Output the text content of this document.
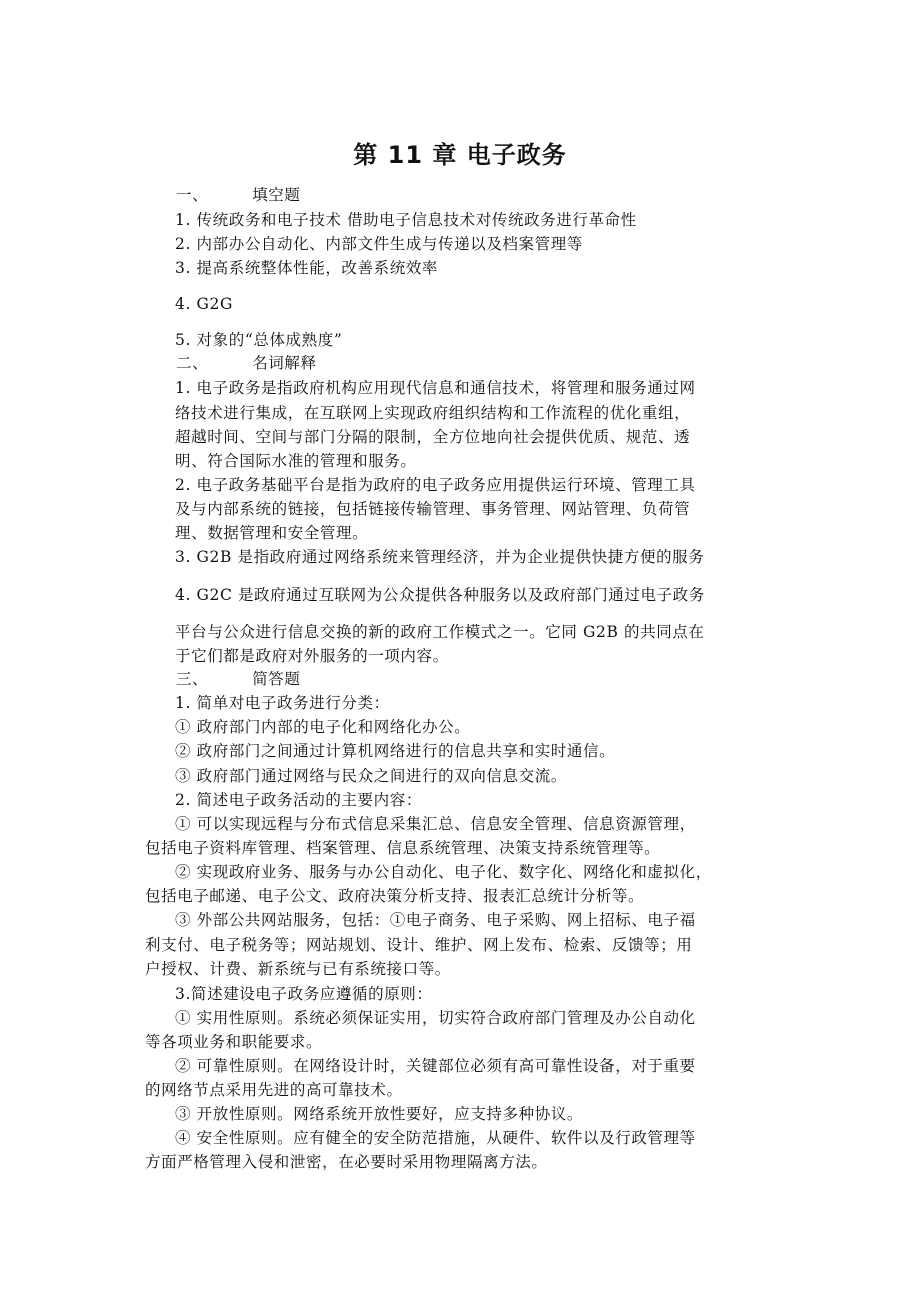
第 11 章 电子政务
一、	填空题
1. 传统政务和电子技术 借助电子信息技术对传统政务进行革命性
2. 内部办公自动化、内部文件生成与传递以及档案管理等
3. 提高系统整体性能，改善系统效率
4. G2G
5. 对象的“总体成熟度”
二、	名词解释
1. 电子政务是指政府机构应用现代信息和通信技术，将管理和服务通过网
络技术进行集成，在互联网上实现政府组织结构和工作流程的优化重组，
超越时间、空间与部门分隔的限制，全方位地向社会提供优质、规范、透
明、符合国际水准的管理和服务。
2. 电子政务基础平台是指为政府的电子政务应用提供运行环境、管理工具
及与内部系统的链接，包括链接传输管理、事务管理、网站管理、负荷管
理、数据管理和安全管理。
3. G2B 是指政府通过网络系统来管理经济，并为企业提供快捷方便的服务
4. G2C 是政府通过互联网为公众提供各种服务以及政府部门通过电子政务
平台与公众进行信息交换的新的政府工作模式之一。它同 G2B 的共同点在
于它们都是政府对外服务的一项内容。
三、	简答题
1. 简单对电子政务进行分类：
① 政府部门内部的电子化和网络化办公。
② 政府部门之间通过计算机网络进行的信息共享和实时通信。
③ 政府部门通过网络与民众之间进行的双向信息交流。
2. 简述电子政务活动的主要内容：
① 可以实现远程与分布式信息采集汇总、信息安全管理、信息资源管理，
包括电子资料库管理、档案管理、信息系统管理、决策支持系统管理等。
② 实现政府业务、服务与办公自动化、电子化、数字化、网络化和虚拟化，
包括电子邮递、电子公文、政府决策分析支持、报表汇总统计分析等。
③ 外部公共网站服务，包括：①电子商务、电子采购、网上招标、电子福
利支付、电子税务等；网站规划、设计、维护、网上发布、检索、反馈等；用
户授权、计费、新系统与已有系统接口等。
3.简述建设电子政务应遵循的原则：
① 实用性原则。系统必须保证实用，切实符合政府部门管理及办公自动化
等各项业务和职能要求。
② 可靠性原则。在网络设计时，关键部位必须有高可靠性设备，对于重要
的网络节点采用先进的高可靠技术。
③ 开放性原则。网络系统开放性要好，应支持多种协议。
④ 安全性原则。应有健全的安全防范措施，从硬件、软件以及行政管理等
方面严格管理入侵和泄密，在必要时采用物理隔离方法。
